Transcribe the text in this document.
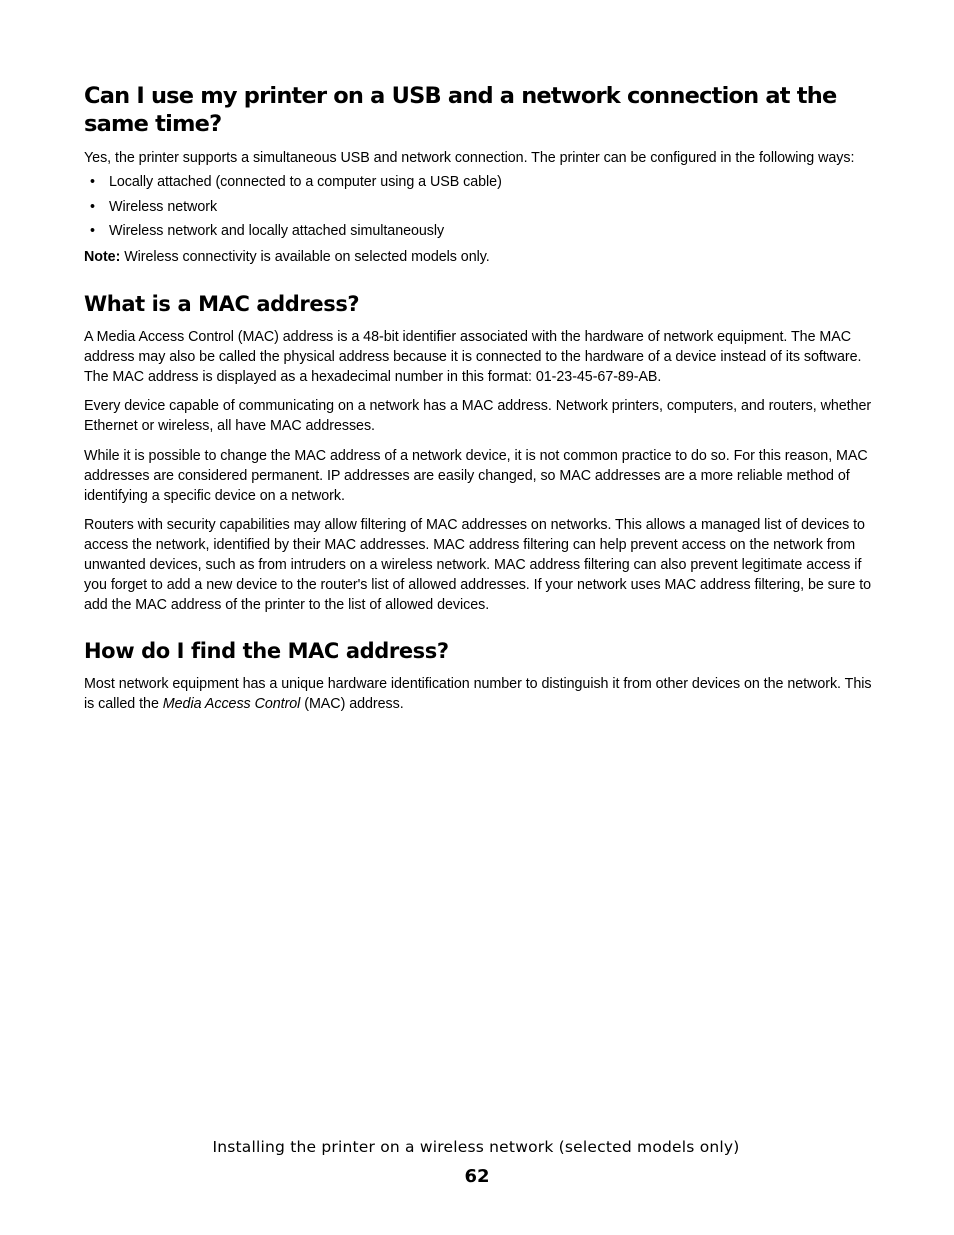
Can I use my printer on a USB and a network connection at the same time?

Yes, the printer supports a simultaneous USB and network connection. The printer can be configured in the following ways:

• Locally attached (connected to a computer using a USB cable)
• Wireless network
• Wireless network and locally attached simultaneously

Note: Wireless connectivity is available on selected models only.

What is a MAC address?

A Media Access Control (MAC) address is a 48-bit identifier associated with the hardware of network equipment. The MAC address may also be called the physical address because it is connected to the hardware of a device instead of its software. The MAC address is displayed as a hexadecimal number in this format: 01-23-45-67-89-AB.

Every device capable of communicating on a network has a MAC address. Network printers, computers, and routers, whether Ethernet or wireless, all have MAC addresses.

While it is possible to change the MAC address of a network device, it is not common practice to do so. For this reason, MAC addresses are considered permanent. IP addresses are easily changed, so MAC addresses are a more reliable method of identifying a specific device on a network.

Routers with security capabilities may allow filtering of MAC addresses on networks. This allows a managed list of devices to access the network, identified by their MAC addresses. MAC address filtering can help prevent access on the network from unwanted devices, such as from intruders on a wireless network. MAC address filtering can also prevent legitimate access if you forget to add a new device to the router's list of allowed addresses. If your network uses MAC address filtering, be sure to add the MAC address of the printer to the list of allowed devices.

How do I find the MAC address?

Most network equipment has a unique hardware identification number to distinguish it from other devices on the network. This is called the Media Access Control (MAC) address.

Installing the printer on a wireless network (selected models only)
62
